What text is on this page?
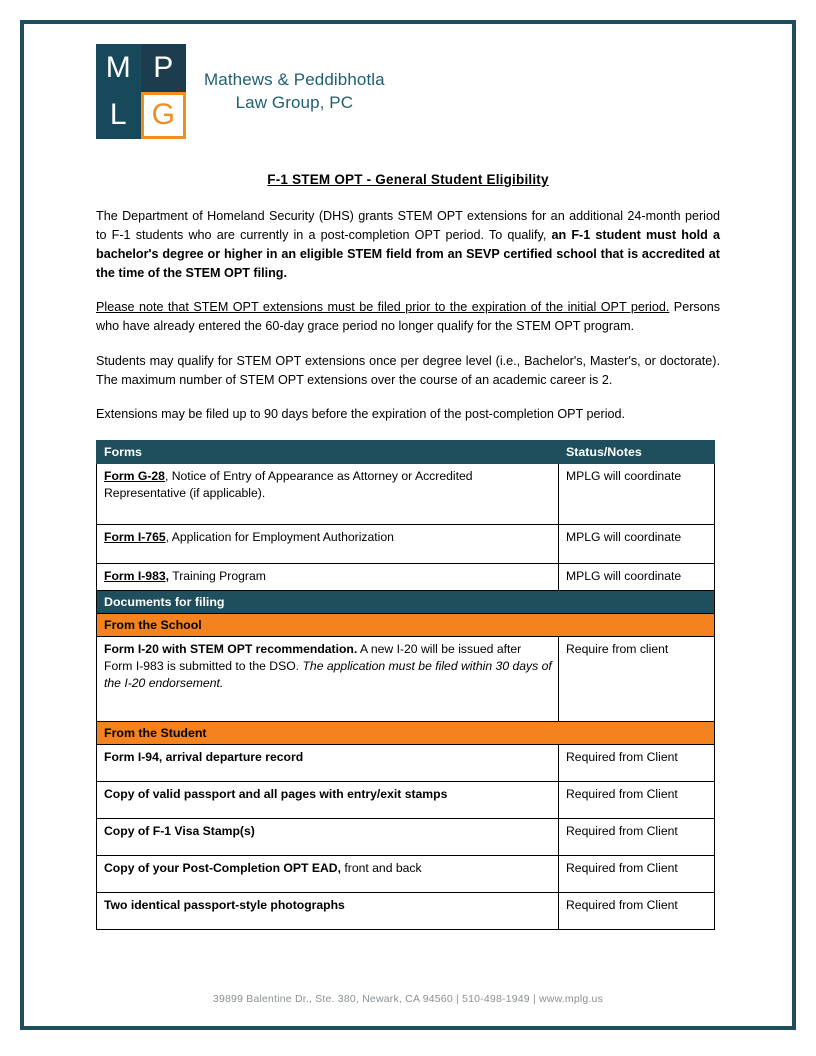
M P
L G
Mathews & Peddibhotla
Law Group, PC
F-1 STEM OPT - General Student Eligibility
The Department of Homeland Security (DHS) grants STEM OPT extensions for an additional 24-month period to F-1 students who are currently in a post-completion OPT period. To qualify, an F-1 student must hold a bachelor's degree or higher in an eligible STEM field from an SEVP certified school that is accredited at the time of the STEM OPT filing.
Please note that STEM OPT extensions must be filed prior to the expiration of the initial OPT period. Persons who have already entered the 60-day grace period no longer qualify for the STEM OPT program.
Students may qualify for STEM OPT extensions once per degree level (i.e., Bachelor's, Master's, or doctorate). The maximum number of STEM OPT extensions over the course of an academic career is 2.
Extensions may be filed up to 90 days before the expiration of the post-completion OPT period.
Forms	Status/Notes
Form G-28, Notice of Entry of Appearance as Attorney or Accredited Representative (if applicable).	MPLG will coordinate
Form I-765, Application for Employment Authorization	MPLG will coordinate
Form I-983, Training Program	MPLG will coordinate
Documents for filing	
From the School	
Form I-20 with STEM OPT recommendation. A new I-20 will be issued after Form I-983 is submitted to the DSO. The application must be filed within 30 days of the I-20 endorsement.	Require from client
From the Student	
Form I-94, arrival departure record	Required from Client
Copy of valid passport and all pages with entry/exit stamps	Required from Client
Copy of F-1 Visa Stamp(s)	Required from Client
Copy of your Post-Completion OPT EAD, front and back	Required from Client
Two identical passport-style photographs	Required from Client
39899 Balentine Dr., Ste. 380, Newark, CA 94560 | 510-498-1949 | www.mplg.us
